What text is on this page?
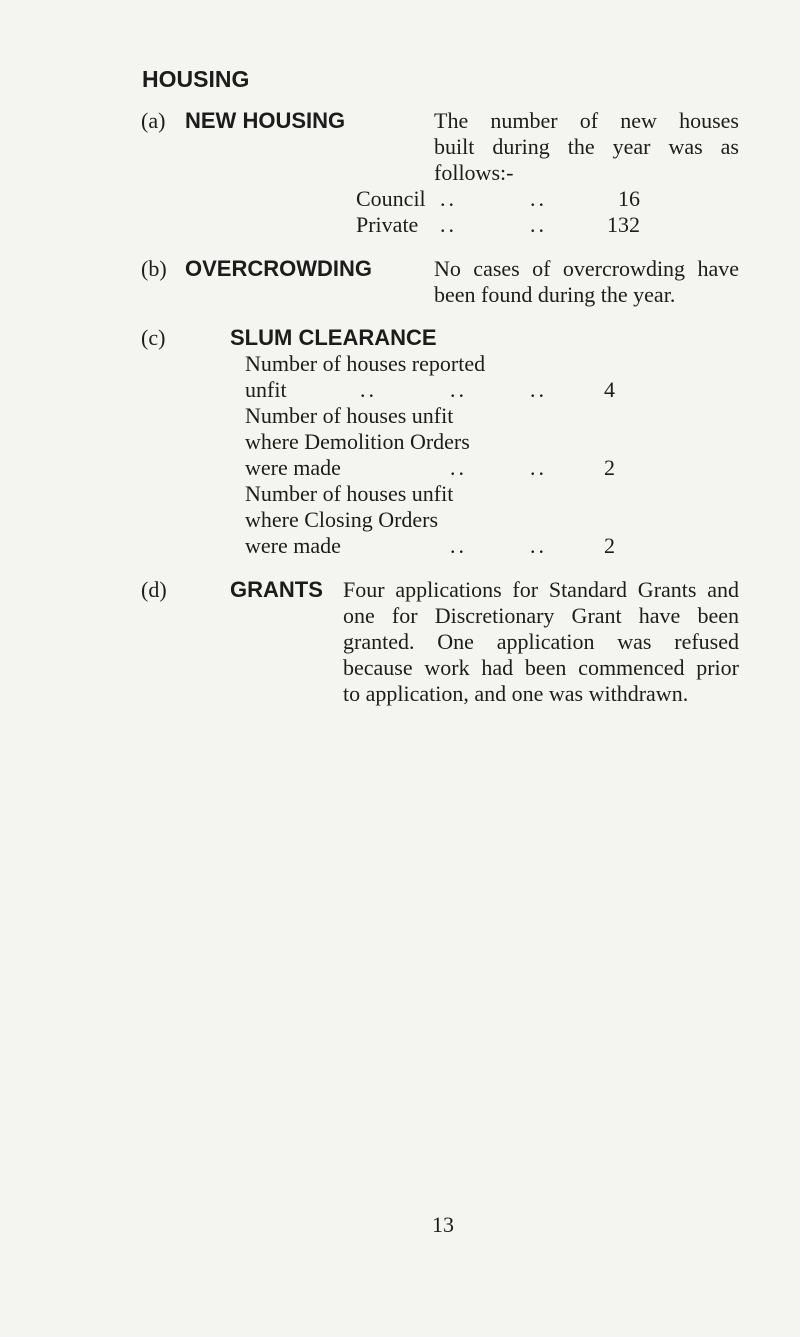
HOUSING
(a) NEW HOUSING	The number of new houses
built during the year was as
follows:-
Council ..	..	16
Private ..	..	132
(b) OVERCROWDING	No cases of overcrowding have
been found during the year.
(c)	SLUM CLEARANCE
Number of houses reported
unfit	..	..	..	4
Number of houses unfit
where Demolition Orders
were made	..	..	2
Number of houses unfit
where Closing Orders
were made	..	..	2
(d)	GRANTS Four applications for Standard Grants and
one for Discretionary Grant have been
granted. One application was refused
because work had been commenced prior
to application, and one was withdrawn.
13
